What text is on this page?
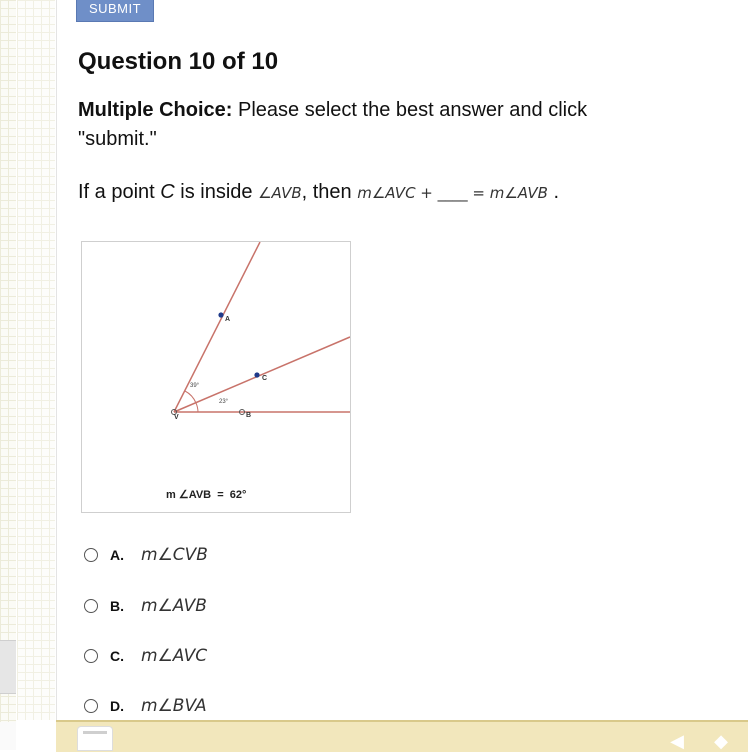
SUBMIT
Question 10 of 10
Multiple Choice: Please select the best answer and click "submit."
If a point C is inside ∠AVB, then m∠AVC + ____ = m∠AVB .
A
C
B
V
39°
23°
m ∠AVB  =  62°
A.	m∠CVB
B.	m∠AVB
C.	m∠AVC
D.	m∠BVA
◀	◆
